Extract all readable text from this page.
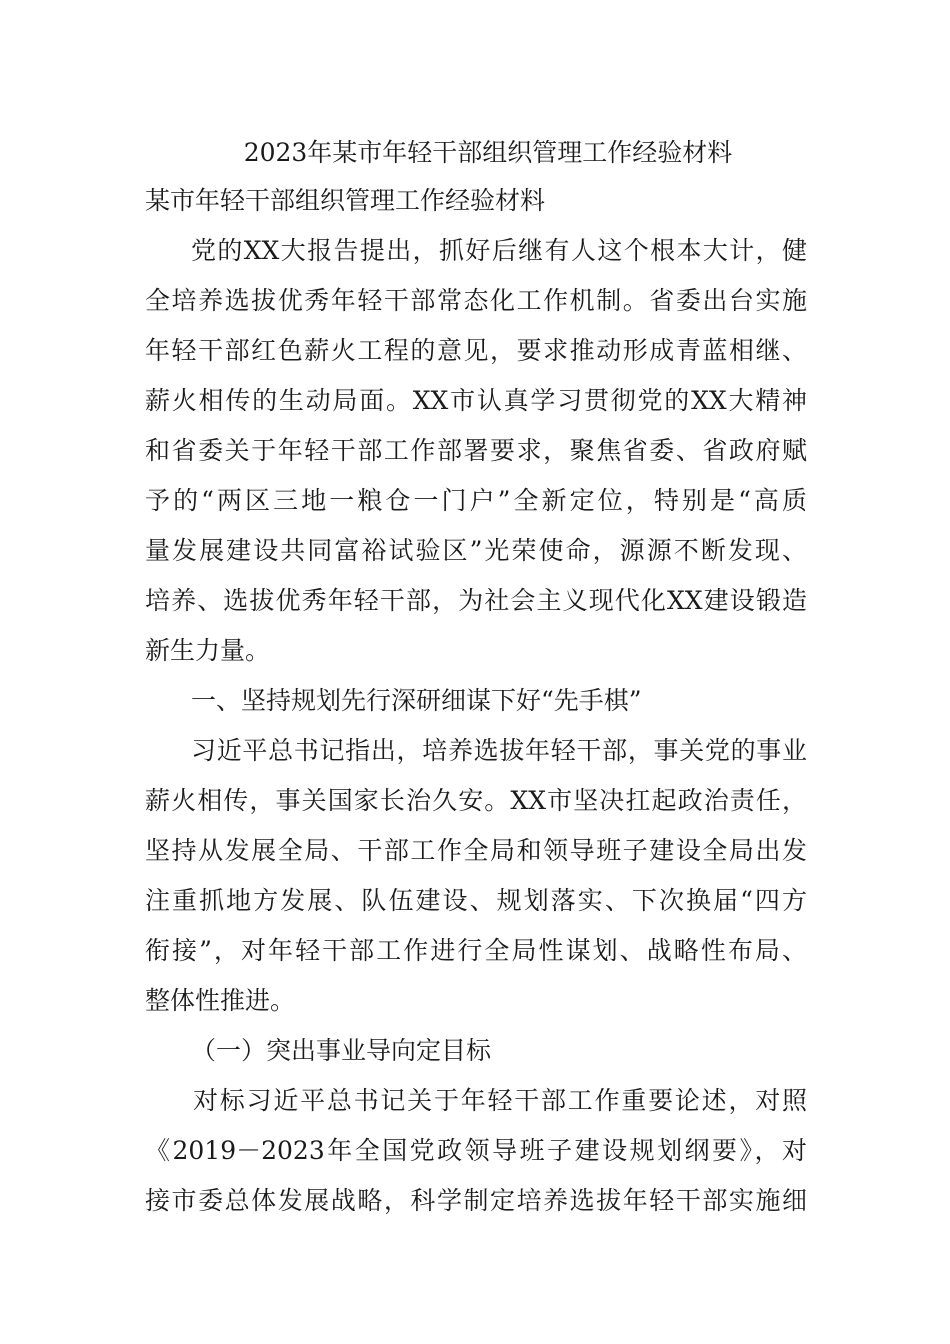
2023年某市年轻干部组织管理工作经验材料
某市年轻干部组织管理工作经验材料
党的XX大报告提出，抓好后继有人这个根本大计，健
全培养选拔优秀年轻干部常态化工作机制。省委出台实施
年轻干部红色薪火工程的意见，要求推动形成青蓝相继、
薪火相传的生动局面。XX市认真学习贯彻党的XX大精神
和省委关于年轻干部工作部署要求，聚焦省委、省政府赋
予的“两区三地一粮仓一门户”全新定位，特别是“高质
量发展建设共同富裕试验区”光荣使命，源源不断发现、
培养、选拔优秀年轻干部，为社会主义现代化XX建设锻造
新生力量。
一、坚持规划先行深研细谋下好“先手棋”
习近平总书记指出，培养选拔年轻干部，事关党的事业
薪火相传，事关国家长治久安。XX市坚决扛起政治责任，
坚持从发展全局、干部工作全局和领导班子建设全局出发
注重抓地方发展、队伍建设、规划落实、下次换届“四方
衔接”，对年轻干部工作进行全局性谋划、战略性布局、
整体性推进。
（一）突出事业导向定目标
对标习近平总书记关于年轻干部工作重要论述，对照
《2019－2023年全国党政领导班子建设规划纲要》，对
接市委总体发展战略，科学制定培养选拔年轻干部实施细
